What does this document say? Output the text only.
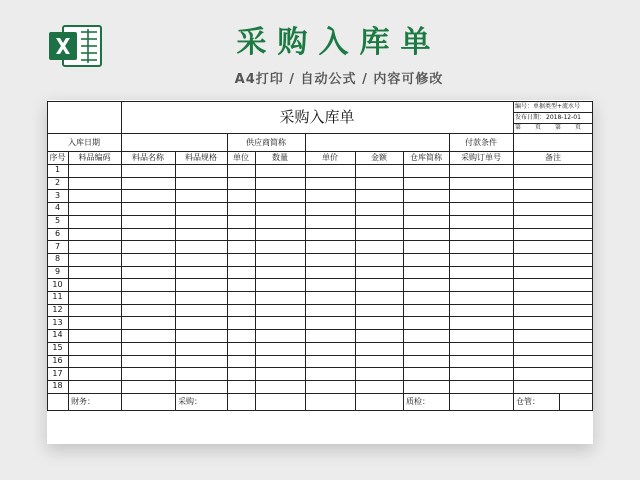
采购入库单
A4打印 / 自动公式 / 内容可修改
采购入库单
编号：单据类型+流水号
发布日期： 2018-12-01
第 页 第 页
入库日期	供应商简称	付款条件
序号	料品编码	料品名称	料品规格	单位	数量	单价	金额	仓库简称	采购订单号	备注
1
2
3
4
5
6
7
8
9
10
11
12
13
14
15
16
17
18
财务：	采购：	质检：	仓管：
